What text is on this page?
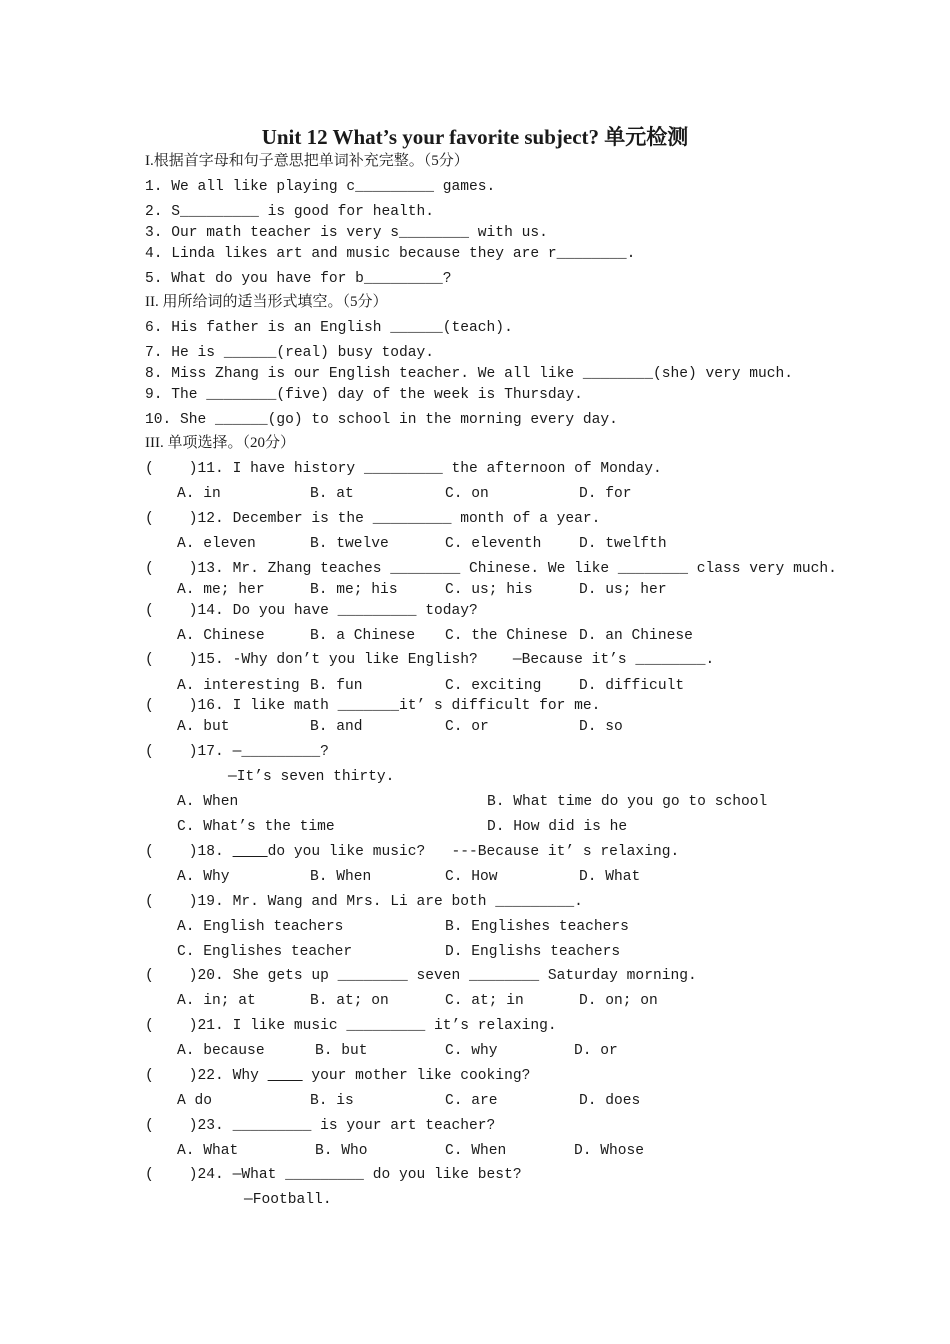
Unit 12 What’s your favorite subject? 单元检测
I.根据首字母和句子意思把单词补充完整。（5分）
1. We all like playing c_________ games.
2. S_________ is good for health.
3. Our math teacher is very s________ with us.
4. Linda likes art and music because they are r________.
5. What do you have for b_________?
II. 用所给词的适当形式填空。（5分）
6. His father is an English ______(teach).
7. He is ______(real) busy today.
8. Miss Zhang is our English teacher. We all like ________(she) very much.
9. The ________(five) day of the week is Thursday.
10. She ______(go) to school in the morning every day.
III. 单项选择。（20分）
(    )11. I have history _________ the afternoon of Monday.
A. in	B. at	C. on	D. for
(    )12. December is the _________ month of a year.
A. eleven	B. twelve	C. eleventh	D. twelfth
(    )13. Mr. Zhang teaches ________ Chinese. We like ________ class very much.
A. me; her	B. me; his	C. us; his	D. us; her
(    )14. Do you have _________ today?
A. Chinese	B. a Chinese C. the Chinese D. an Chinese
(    )15. -Why don’t you like English?    —Because it’s ________.
A. interesting B. fun	C. exciting	D. difficult
(    )16. I like math _______it’ s difficult for me.
A. but	B. and	C. or	D. so
(    )17. —_________?
—It’s seven thirty.
A. When	B. What time do you go to school
C. What’s the time	D. How did is he
(    )18.     do you like music?   ---Because it’ s relaxing.
A. Why	B. When	C. How	D. What
(    )19. Mr. Wang and Mrs. Li are both _________.
A. English teachers	B. Englishes teachers
C. Englishes teacher	D. Englishs teachers
(    )20. She gets up ________ seven ________ Saturday morning.
A. in; at	B. at; on	C. at; in	D. on; on
(    )21. I like music _________ it’s relaxing.
A. because	B. but	C. why	D. or
(    )22. Why      your mother like cooking?
A do	B. is	C. are	D. does
(    )23. _________ is your art teacher?
A. What	B. Who	C. When	D. Whose
(    )24. —What _________ do you like best?
—Football.
